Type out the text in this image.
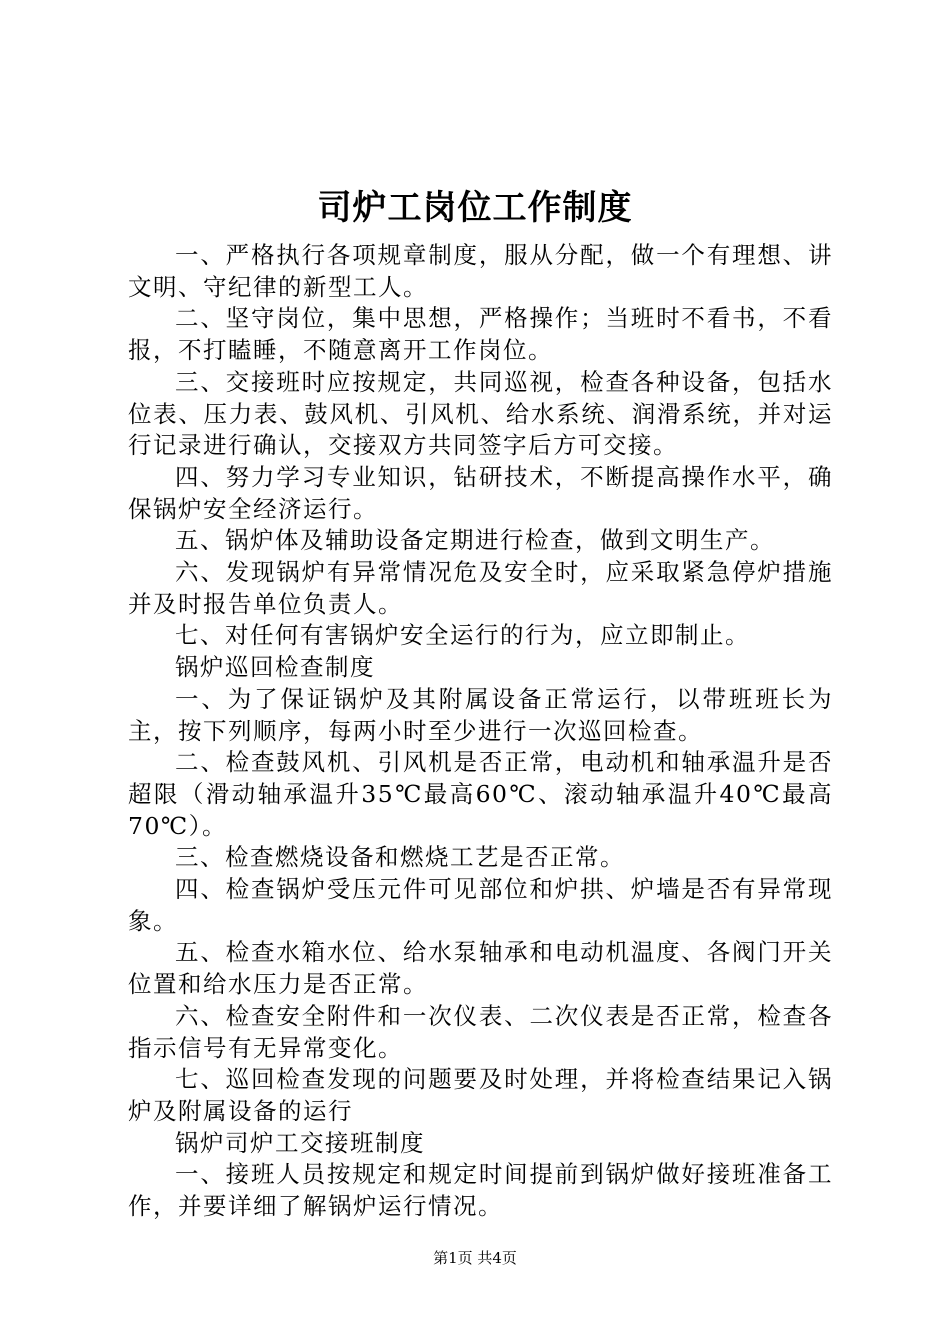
司炉工岗位工作制度

一、严格执行各项规章制度，服从分配，做一个有理想、讲文明、守纪律的新型工人。

二、坚守岗位，集中思想，严格操作；当班时不看书，不看报，不打瞌睡，不随意离开工作岗位。

三、交接班时应按规定，共同巡视，检查各种设备，包括水位表、压力表、鼓风机、引风机、给水系统、润滑系统，并对运行记录进行确认，交接双方共同签字后方可交接。

四、努力学习专业知识，钻研技术，不断提高操作水平，确保锅炉安全经济运行。

五、锅炉体及辅助设备定期进行检查，做到文明生产。

六、发现锅炉有异常情况危及安全时，应采取紧急停炉措施并及时报告单位负责人。

七、对任何有害锅炉安全运行的行为，应立即制止。

锅炉巡回检查制度

一、为了保证锅炉及其附属设备正常运行，以带班班长为主，按下列顺序，每两小时至少进行一次巡回检查。

二、检查鼓风机、引风机是否正常，电动机和轴承温升是否超限（滑动轴承温升35℃最高60℃、滚动轴承温升40℃最高70℃）。

三、检查燃烧设备和燃烧工艺是否正常。

四、检查锅炉受压元件可见部位和炉拱、炉墙是否有异常现象。

五、检查水箱水位、给水泵轴承和电动机温度、各阀门开关位置和给水压力是否正常。

六、检查安全附件和一次仪表、二次仪表是否正常，检查各指示信号有无异常变化。

七、巡回检查发现的问题要及时处理，并将检查结果记入锅炉及附属设备的运行

锅炉司炉工交接班制度

一、接班人员按规定和规定时间提前到锅炉做好接班准备工作，并要详细了解锅炉运行情况。

第1页 共4页
